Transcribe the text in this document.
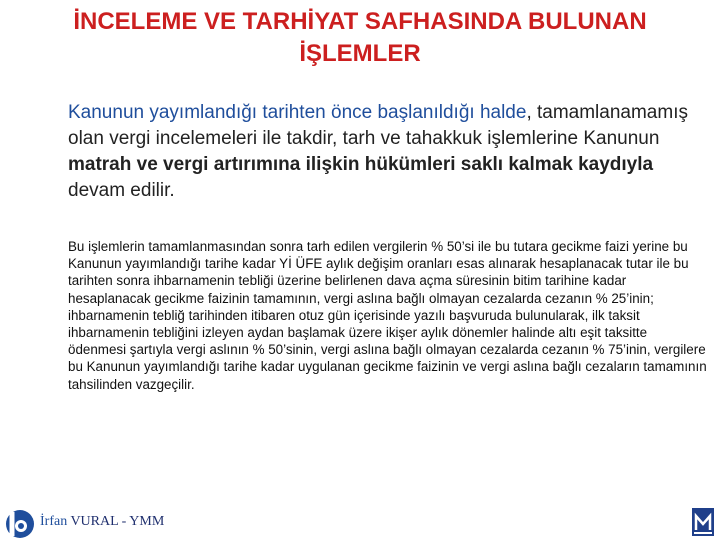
İNCELEME VE TARHİYAT SAFHASINDA BULUNAN
İŞLEMLER
Kanunun yayımlandığı tarihten önce başlanıldığı halde, tamamlanamamış olan vergi incelemeleri ile takdir, tarh ve tahakkuk işlemlerine Kanunun matrah ve vergi artırımına ilişkin hükümleri saklı kalmak kaydıyla devam edilir.
Bu işlemlerin tamamlanmasından sonra tarh edilen vergilerin % 50’si ile bu tutara gecikme faizi yerine bu Kanunun yayımlandığı tarihe kadar Yİ ÜFE aylık değişim oranları esas alınarak hesaplanacak tutar ile bu tarihten sonra ihbarnamenin tebliği üzerine belirlenen dava açma süresinin bitim tarihine kadar hesaplanacak gecikme faizinin tamamının, vergi aslına bağlı olmayan cezalarda cezanın % 25’inin; ihbarnamenin tebliğ tarihinden itibaren otuz gün içerisinde yazılı başvuruda bulunularak, ilk taksit ihbarnamenin tebliğini izleyen aydan başlamak üzere ikişer aylık dönemler halinde altı eşit taksitte ödenmesi şartıyla vergi aslının % 50’sinin, vergi aslına bağlı olmayan cezalarda cezanın % 75’inin, vergilere bu Kanunun yayımlandığı tarihe kadar uygulanan gecikme faizinin ve vergi aslına bağlı cezaların tamamının tahsilinden vazgeçilir.
İrfan VURAL - YMM
